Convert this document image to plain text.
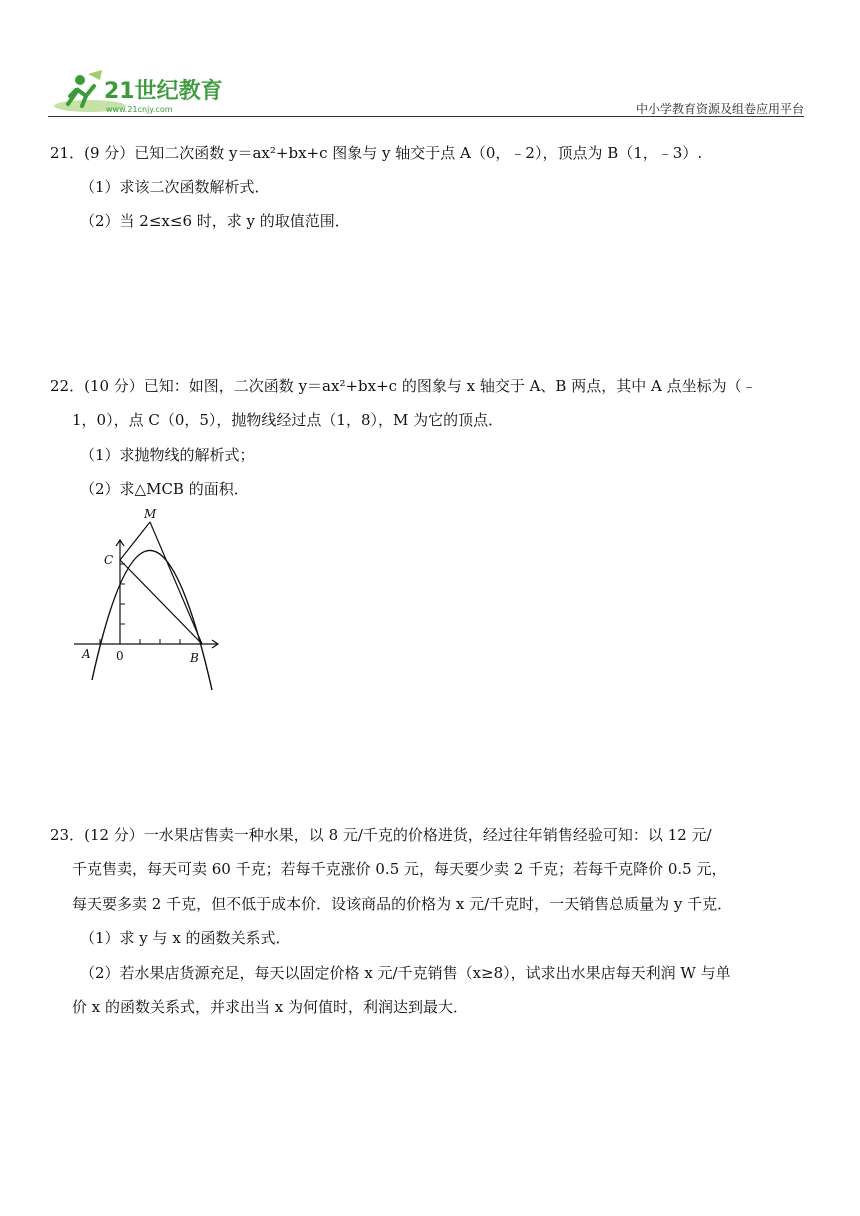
21世纪教育
www.21cnjy.com	中小学教育资源及组卷应用平台
21．(9 分）已知二次函数 y＝ax²+bx+c 图象与 y 轴交于点 A（0，﹣2），顶点为 B（1，﹣3）.
（1）求该二次函数解析式．
（2）当 2≤x≤6 时，求 y 的取值范围．
22．(10 分）已知：如图，二次函数 y＝ax²+bx+c 的图象与 x 轴交于 A、B 两点，其中 A 点坐标为（﹣
1，0），点 C（0，5），抛物线经过点（1，8），M 为它的顶点．
（1）求抛物线的解析式；
（2）求△MCB 的面积．
M
C
A 0	B
23．(12 分）一水果店售卖一种水果，以 8 元/千克的价格进货，经过往年销售经验可知：以 12 元/
千克售卖，每天可卖 60 千克；若每千克涨价 0.5 元，每天要少卖 2 千克；若每千克降价 0.5 元，
每天要多卖 2 千克，但不低于成本价．设该商品的价格为 x 元/千克时，一天销售总质量为 y 千克．
（1）求 y 与 x 的函数关系式．
（2）若水果店货源充足，每天以固定价格 x 元/千克销售（x≥8），试求出水果店每天利润 W 与单
价 x 的函数关系式，并求出当 x 为何值时，利润达到最大．
